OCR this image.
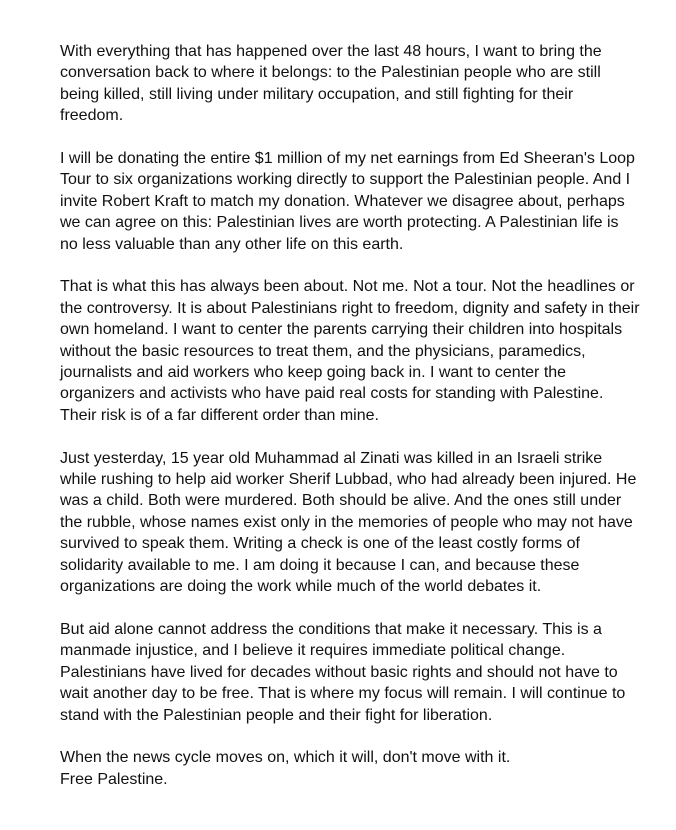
With everything that has happened over the last 48 hours, I want to bring the conversation back to where it belongs: to the Palestinian people who are still being killed, still living under military occupation, and still fighting for their freedom.

I will be donating the entire $1 million of my net earnings from Ed Sheeran's Loop Tour to six organizations working directly to support the Palestinian people. And I invite Robert Kraft to match my donation. Whatever we disagree about, perhaps we can agree on this: Palestinian lives are worth protecting. A Palestinian life is no less valuable than any other life on this earth.

That is what this has always been about. Not me. Not a tour. Not the headlines or the controversy. It is about Palestinians right to freedom, dignity and safety in their own homeland. I want to center the parents carrying their children into hospitals without the basic resources to treat them, and the physicians, paramedics, journalists and aid workers who keep going back in. I want to center the organizers and activists who have paid real costs for standing with Palestine. Their risk is of a far different order than mine.

Just yesterday, 15 year old Muhammad al Zinati was killed in an Israeli strike while rushing to help aid worker Sherif Lubbad, who had already been injured. He was a child. Both were murdered. Both should be alive. And the ones still under the rubble, whose names exist only in the memories of people who may not have survived to speak them. Writing a check is one of the least costly forms of solidarity available to me. I am doing it because I can, and because these organizations are doing the work while much of the world debates it.

But aid alone cannot address the conditions that make it necessary. This is a manmade injustice, and I believe it requires immediate political change. Palestinians have lived for decades without basic rights and should not have to wait another day to be free. That is where my focus will remain. I will continue to stand with the Palestinian people and their fight for liberation.

When the news cycle moves on, which it will, don't move with it.
Free Palestine.
